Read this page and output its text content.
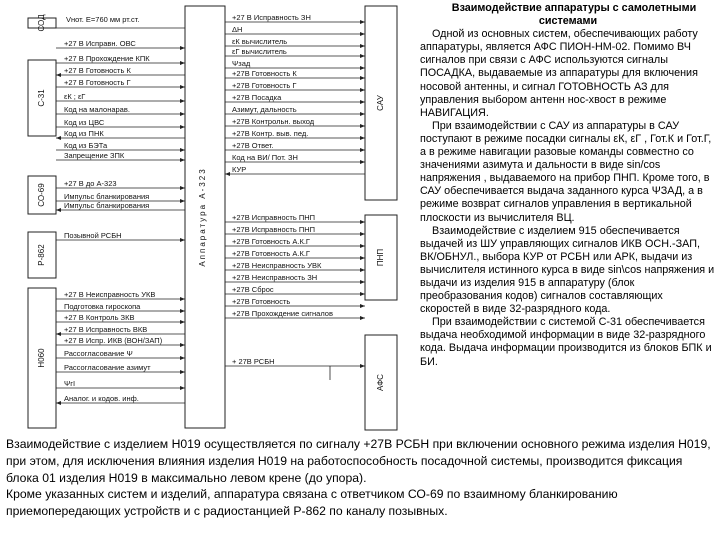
Аппаратура А-323
СОД
С-31
СО-69
Р-862
Н060
САУ
ПНП
АФС
Vнот. Е=760 мм рт.ст.
+27 В Исправн. ОВС
+27 В Прохождение КПК
+27 В Готовность К
+27 В Готовность Г
εК ; εГ
Код на малонарав.
Код из ЦВС
Код из ПНК
Код из БЭТа
Запрещение ЗПК
+27 В до А-323
Импульс бланкирования
Импульс бланкирования
Позывной РСБН
+27 В Неисправность УКВ
Подготовка гироскопа
+27 В Контроль ЗКВ
+27 В Исправность ВКВ
+27 В Испр. ИКВ (ВОН/ЗАП)
Рассогласование Ψ
Рассогласование азимут
ΨгI
Аналог. и кодов. инф.
+27 В Исправность ЗН
ΔН
εК вычислитель
εГ вычислитель
Ψзад
+27В Готовность К
+27В Готовность Г
+27В Посадка
Азимут, дальность
+27В Контрольн. выход
+27В Контр. выв. пед.
+27В Ответ.
Код на ВИ/ Пот. ЗН
КУР
+27В Исправность ПНП
+27В Исправность ПНП
+27В Готовность А.К.Г
+27В Готовность А.К.Г
+27В Неисправность УВК
+27В Неисправность ЗН
+27В Сброс
+27В Готовность
+27В Прохождение сигналов
+ 27В РСБН

Взаимодействие аппаратуры с самолетными системами

Одной из основных систем, обеспечивающих работу аппаратуры, является АФС ПИОН‑НМ‑02. Помимо ВЧ сигналов при связи с АФС используются сигналы ПОСАДКА, выдаваемые из аппаратуры для включения носовой антенны, и сигнал ГОТОВНОСТЬ АЗ для управления выбором антенн нос-хвост в режиме НАВИГАЦИЯ.

При взаимодействии с САУ из аппаратуры в САУ поступают в режиме посадки сигналы εК, εГ , Гот.К и Гот.Г, а в режиме навигации разовые команды совместно со значениями азимута и дальности в виде sin/cos напряжения , выдаваемого на прибор ПНП. Кроме того, в САУ обеспечивается выдача заданного курса ΨЗАД, а в режиме возврат сигналов управления в вертикальной плоскости из вычислителя ВЦ.

Взаимодействие с изделием 915 обеспечивается выдачей из ШУ управляющих сигналов ИКВ ОСН.-ЗАП, ВК/ОБНУЛ., выбора КУР от РСБН или АРК, выдачи из вычислителя истинного курса в виде sin\cos напряжения и выдачи из изделия 915 в аппаратуру (блок преобразования кодов) сигналов составляющих скоростей в виде 32-разрядного кода.

При взаимодействии с системой С‑31 обеспечивается выдача необходимой информации в виде 32‑разрядного кода. Выдача информации производится из блоков БПК и БИ.

Взаимодействие с изделием Н019 осуществляется по сигналу +27В РСБН при включении основного режима изделия Н019, при этом, для исключения влияния изделия Н019 на работоспособность посадочной системы, производится фиксация блока 01 изделия Н019 в максимально левом крене (до упора).

Кроме указанных систем и изделий, аппаратура связана с ответчиком СО‑69 по взаимному бланкированию приемопередающих устройств и с радиостанцией Р‑862 по каналу позывных.
